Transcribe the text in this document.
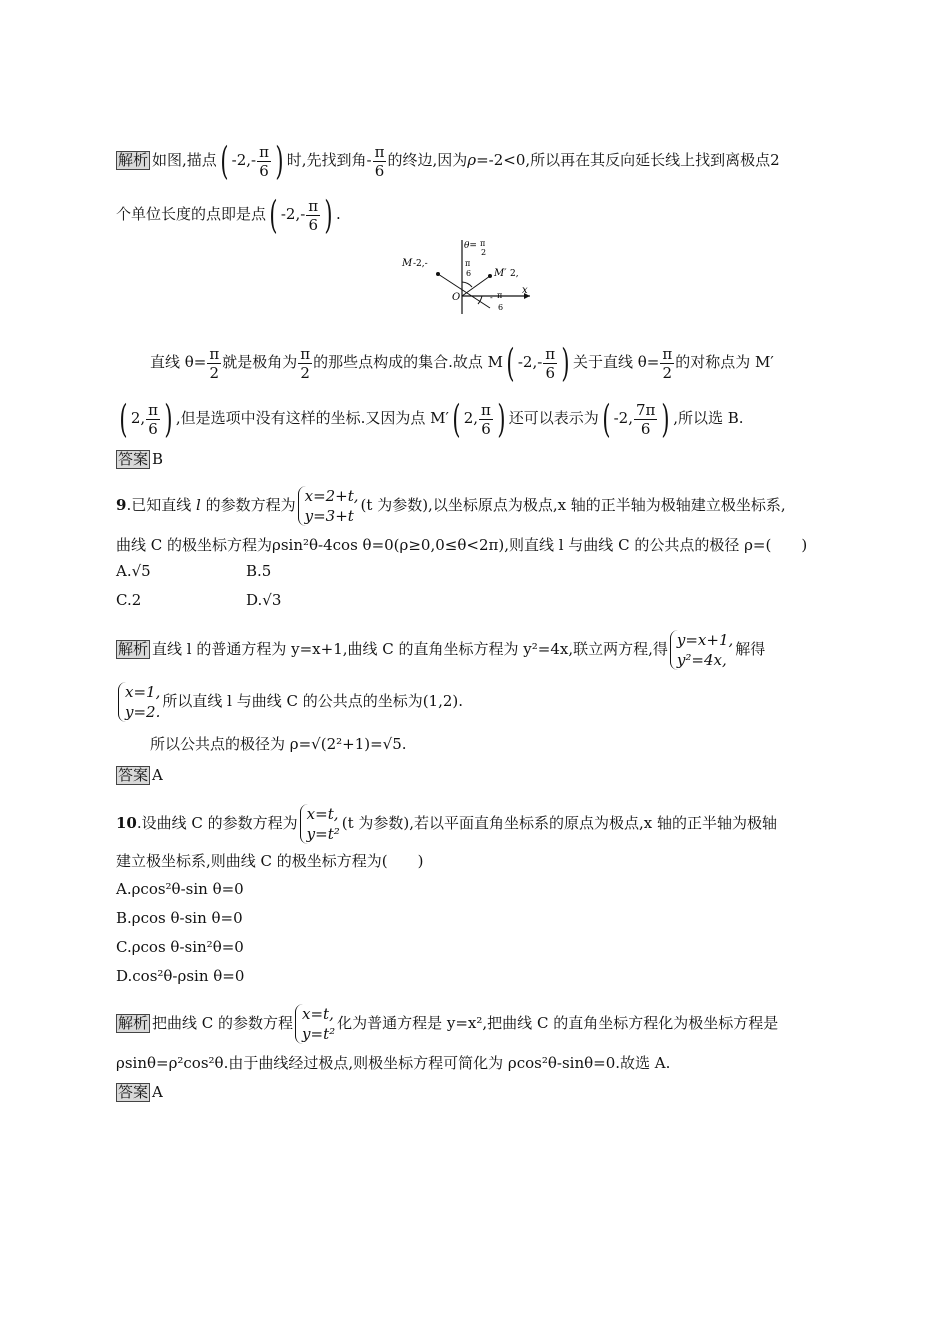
解析 如图,描点( $-2,- \frac{\pi}{6}$ ) 时,先找到角- $\frac{\pi}{6}$ 的终边,因为ρ=-2<0,所以再在其反向延长线上找到离极点2
个单位长度的点即是点( $-2,- \frac{\pi}{6}$ ) .
θ= π
2
M -2,-	π
6 M′ 2,
O
x
- π
6
直线 $\theta= \frac{\pi}{2}$ 就是极角为 $\frac{\pi}{2}$ 的那些点构成的集合.故点 M( $-2,- \frac{\pi}{6}$ ) 关于直线 $\theta= \frac{\pi}{2}$ 的对称点为 M′
( 2, $\frac{\pi}{6}$ ) ,但是选项中没有这样的坐标.又因为点 M′( 2, $\frac{\pi}{6}$ ) 还可以表示为( -2, $\frac{7\pi}{6}$ ) ,所以选 B.
答案 B
9.已知直线 l 的参数方程为 x=2+t,
y=3+t
(t 为参数),以坐标原点为极点,x 轴的正半轴为极轴建立极坐标系,
曲线 C 的极坐标方程为ρsin²θ-4cos θ=0(ρ≥0,0≤θ<2π),则直线 l 与曲线 C 的公共点的极径 ρ=(　　)
A.√5	B.5
C.2	D.√3
解析 直线 l 的普通方程为 y=x+1,曲线 C 的直角坐标方程为 y²=4x,联立两方程,得 y=x+1,
y²=4x,
解得
x=1,
y=2.
所以直线 l 与曲线 C 的公共点的坐标为(1,2).
所以公共点的极径为 ρ=√(2²+1)=√5.
答案 A
10.设曲线 C 的参数方程为 x=t,
y=t²
(t 为参数),若以平面直角坐标系的原点为极点,x 轴的正半轴为极轴
建立极坐标系,则曲线 C 的极坐标方程为(　　)
A.ρcos²θ-sin θ=0
B.ρcos θ-sin θ=0
C.ρcos θ-sin²θ=0
D.cos²θ-ρsin θ=0
解析 把曲线 C 的参数方程 x=t,
y=t²
化为普通方程是 y=x²,把曲线 C 的直角坐标方程化为极坐标方程是
ρsinθ=ρ²cos²θ.由于曲线经过极点,则极坐标方程可简化为 ρcos²θ-sinθ=0.故选 A.
答案 A
